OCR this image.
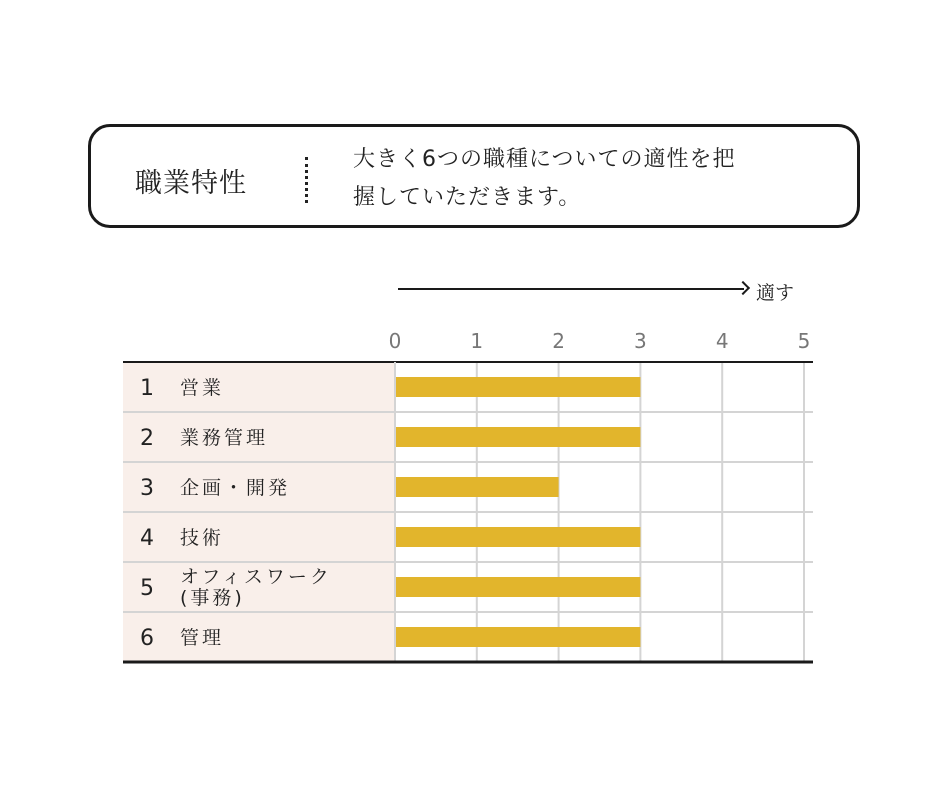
職業特性
大きく6つの職種についての適性を把
握していただきます。
適す
0	1	2	3	4	5
1 営業
2 業務管理
3 企画・開発
4 技術
5 オフィスワーク
(事務)
6 管理
